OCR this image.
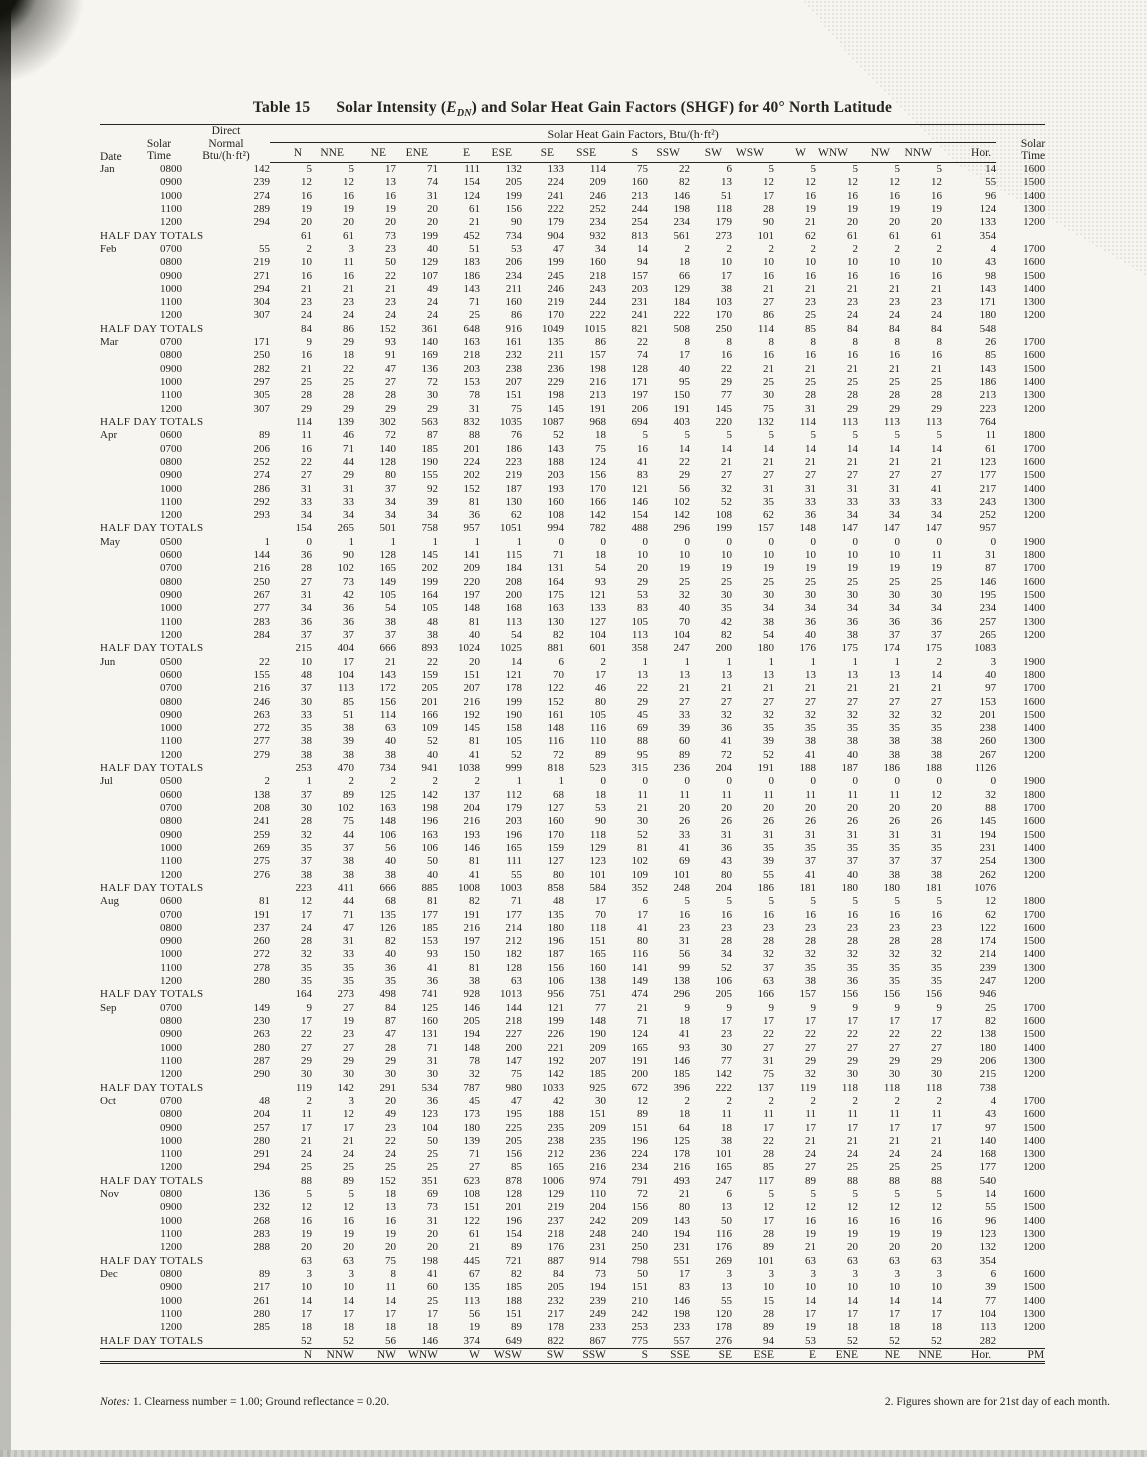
Table 15 Solar Intensity $(E_{DN})$ and Solar Heat Gain Factors (SHGF) for 40° North Latitude
Date	
Solar
Time

Direct
Normal
Btu/(h·ft²)
	Solar Heat Gain Factors, Btu/(h·ft²)	
Solar
Time

			N	NNE	NE	ENE	E	ESE	SE	SSE	S	SSW	SW	WSW	W	WNW	NW	NNW	Hor.	
Jan	0800	142	5	5	17	71	111	132	133	114	75	22	6	5	5	5	5	5	14	1600
	0900	239	12	12	13	74	154	205	224	209	160	82	13	12	12	12	12	12	55	1500
	1000	274	16	16	16	31	124	199	241	246	213	146	51	17	16	16	16	16	96	1400
	1100	289	19	19	19	20	61	156	222	252	244	198	118	28	19	19	19	19	124	1300
	1200	294	20	20	20	20	21	90	179	234	254	234	179	90	21	20	20	20	133	1200
HALF DAY TOTALS			61	61	73	199	452	734	904	932	813	561	273	101	62	61	61	61	354	
Feb	0700	55	2	3	23	40	51	53	47	34	14	2	2	2	2	2	2	2	4	1700
	0800	219	10	11	50	129	183	206	199	160	94	18	10	10	10	10	10	10	43	1600
	0900	271	16	16	22	107	186	234	245	218	157	66	17	16	16	16	16	16	98	1500
	1000	294	21	21	21	49	143	211	246	243	203	129	38	21	21	21	21	21	143	1400
	1100	304	23	23	23	24	71	160	219	244	231	184	103	27	23	23	23	23	171	1300
	1200	307	24	24	24	24	25	86	170	222	241	222	170	86	25	24	24	24	180	1200
HALF DAY TOTALS			84	86	152	361	648	916	1049	1015	821	508	250	114	85	84	84	84	548	
Mar	0700	171	9	29	93	140	163	161	135	86	22	8	8	8	8	8	8	8	26	1700
	0800	250	16	18	91	169	218	232	211	157	74	17	16	16	16	16	16	16	85	1600
	0900	282	21	22	47	136	203	238	236	198	128	40	22	21	21	21	21	21	143	1500
	1000	297	25	25	27	72	153	207	229	216	171	95	29	25	25	25	25	25	186	1400
	1100	305	28	28	28	30	78	151	198	213	197	150	77	30	28	28	28	28	213	1300
	1200	307	29	29	29	29	31	75	145	191	206	191	145	75	31	29	29	29	223	1200
HALF DAY TOTALS			114	139	302	563	832	1035	1087	968	694	403	220	132	114	113	113	113	764	
Apr	0600	89	11	46	72	87	88	76	52	18	5	5	5	5	5	5	5	5	11	1800
	0700	206	16	71	140	185	201	186	143	75	16	14	14	14	14	14	14	14	61	1700
	0800	252	22	44	128	190	224	223	188	124	41	22	21	21	21	21	21	21	123	1600
	0900	274	27	29	80	155	202	219	203	156	83	29	27	27	27	27	27	27	177	1500
	1000	286	31	31	37	92	152	187	193	170	121	56	32	31	31	31	31	41	217	1400
	1100	292	33	33	34	39	81	130	160	166	146	102	52	35	33	33	33	33	243	1300
	1200	293	34	34	34	34	36	62	108	142	154	142	108	62	36	34	34	34	252	1200
HALF DAY TOTALS			154	265	501	758	957	1051	994	782	488	296	199	157	148	147	147	147	957	
May	0500	1	0	1	1	1	1	1	0	0	0	0	0	0	0	0	0	0	0	1900
	0600	144	36	90	128	145	141	115	71	18	10	10	10	10	10	10	10	11	31	1800
	0700	216	28	102	165	202	209	184	131	54	20	19	19	19	19	19	19	19	87	1700
	0800	250	27	73	149	199	220	208	164	93	29	25	25	25	25	25	25	25	146	1600
	0900	267	31	42	105	164	197	200	175	121	53	32	30	30	30	30	30	30	195	1500
	1000	277	34	36	54	105	148	168	163	133	83	40	35	34	34	34	34	34	234	1400
	1100	283	36	36	38	48	81	113	130	127	105	70	42	38	36	36	36	36	257	1300
	1200	284	37	37	37	38	40	54	82	104	113	104	82	54	40	38	37	37	265	1200
HALF DAY TOTALS			215	404	666	893	1024	1025	881	601	358	247	200	180	176	175	174	175	1083	
Jun	0500	22	10	17	21	22	20	14	6	2	1	1	1	1	1	1	1	2	3	1900
	0600	155	48	104	143	159	151	121	70	17	13	13	13	13	13	13	13	14	40	1800
	0700	216	37	113	172	205	207	178	122	46	22	21	21	21	21	21	21	21	97	1700
	0800	246	30	85	156	201	216	199	152	80	29	27	27	27	27	27	27	27	153	1600
	0900	263	33	51	114	166	192	190	161	105	45	33	32	32	32	32	32	32	201	1500
	1000	272	35	38	63	109	145	158	148	116	69	39	36	35	35	35	35	35	238	1400
	1100	277	38	39	40	52	81	105	116	110	88	60	41	39	38	38	38	38	260	1300
	1200	279	38	38	38	40	41	52	72	89	95	89	72	52	41	40	38	38	267	1200
HALF DAY TOTALS			253	470	734	941	1038	999	818	523	315	236	204	191	188	187	186	188	1126	
Jul	0500	2	1	2	2	2	2	1	1	0	0	0	0	0	0	0	0	0	0	1900
	0600	138	37	89	125	142	137	112	68	18	11	11	11	11	11	11	11	12	32	1800
	0700	208	30	102	163	198	204	179	127	53	21	20	20	20	20	20	20	20	88	1700
	0800	241	28	75	148	196	216	203	160	90	30	26	26	26	26	26	26	26	145	1600
	0900	259	32	44	106	163	193	196	170	118	52	33	31	31	31	31	31	31	194	1500
	1000	269	35	37	56	106	146	165	159	129	81	41	36	35	35	35	35	35	231	1400
	1100	275	37	38	40	50	81	111	127	123	102	69	43	39	37	37	37	37	254	1300
	1200	276	38	38	38	40	41	55	80	101	109	101	80	55	41	40	38	38	262	1200
HALF DAY TOTALS			223	411	666	885	1008	1003	858	584	352	248	204	186	181	180	180	181	1076	
Aug	0600	81	12	44	68	81	82	71	48	17	6	5	5	5	5	5	5	5	12	1800
	0700	191	17	71	135	177	191	177	135	70	17	16	16	16	16	16	16	16	62	1700
	0800	237	24	47	126	185	216	214	180	118	41	23	23	23	23	23	23	23	122	1600
	0900	260	28	31	82	153	197	212	196	151	80	31	28	28	28	28	28	28	174	1500
	1000	272	32	33	40	93	150	182	187	165	116	56	34	32	32	32	32	32	214	1400
	1100	278	35	35	36	41	81	128	156	160	141	99	52	37	35	35	35	35	239	1300
	1200	280	35	35	35	36	38	63	106	138	149	138	106	63	38	36	35	35	247	1200
HALF DAY TOTALS			164	273	498	741	928	1013	956	751	474	296	205	166	157	156	156	156	946	
Sep	0700	149	9	27	84	125	146	144	121	77	21	9	9	9	9	9	9	9	25	1700
	0800	230	17	19	87	160	205	218	199	148	71	18	17	17	17	17	17	17	82	1600
	0900	263	22	23	47	131	194	227	226	190	124	41	23	22	22	22	22	22	138	1500
	1000	280	27	27	28	71	148	200	221	209	165	93	30	27	27	27	27	27	180	1400
	1100	287	29	29	29	31	78	147	192	207	191	146	77	31	29	29	29	29	206	1300
	1200	290	30	30	30	30	32	75	142	185	200	185	142	75	32	30	30	30	215	1200
HALF DAY TOTALS			119	142	291	534	787	980	1033	925	672	396	222	137	119	118	118	118	738	
Oct	0700	48	2	3	20	36	45	47	42	30	12	2	2	2	2	2	2	2	4	1700
	0800	204	11	12	49	123	173	195	188	151	89	18	11	11	11	11	11	11	43	1600
	0900	257	17	17	23	104	180	225	235	209	151	64	18	17	17	17	17	17	97	1500
	1000	280	21	21	22	50	139	205	238	235	196	125	38	22	21	21	21	21	140	1400
	1100	291	24	24	24	25	71	156	212	236	224	178	101	28	24	24	24	24	168	1300
	1200	294	25	25	25	25	27	85	165	216	234	216	165	85	27	25	25	25	177	1200
HALF DAY TOTALS			88	89	152	351	623	878	1006	974	791	493	247	117	89	88	88	88	540	
Nov	0800	136	5	5	18	69	108	128	129	110	72	21	6	5	5	5	5	5	14	1600
	0900	232	12	12	13	73	151	201	219	204	156	80	13	12	12	12	12	12	55	1500
	1000	268	16	16	16	31	122	196	237	242	209	143	50	17	16	16	16	16	96	1400
	1100	283	19	19	19	20	61	154	218	248	240	194	116	28	19	19	19	19	123	1300
	1200	288	20	20	20	20	21	89	176	231	250	231	176	89	21	20	20	20	132	1200
HALF DAY TOTALS			63	63	75	198	445	721	887	914	798	551	269	101	63	63	63	63	354	
Dec	0800	89	3	3	8	41	67	82	84	73	50	17	3	3	3	3	3	3	6	1600
	0900	217	10	10	11	60	135	185	205	194	151	83	13	10	10	10	10	10	39	1500
	1000	261	14	14	14	25	113	188	232	239	210	146	55	15	14	14	14	14	77	1400
	1100	280	17	17	17	17	56	151	217	249	242	198	120	28	17	17	17	17	104	1300
	1200	285	18	18	18	18	19	89	178	233	253	233	178	89	19	18	18	18	113	1200
HALF DAY TOTALS			52	52	56	146	374	649	822	867	775	557	276	94	53	52	52	52	282	
			N	NNW	NW	WNW	W	WSW	SW	SSW	S	SSE	SE	ESE	E	ENE	NE	NNE	Hor.	PM
Notes: 1. Clearness number = 1.00; Ground reflectance = 0.20.	2. Figures shown are for 21st day of each month.
